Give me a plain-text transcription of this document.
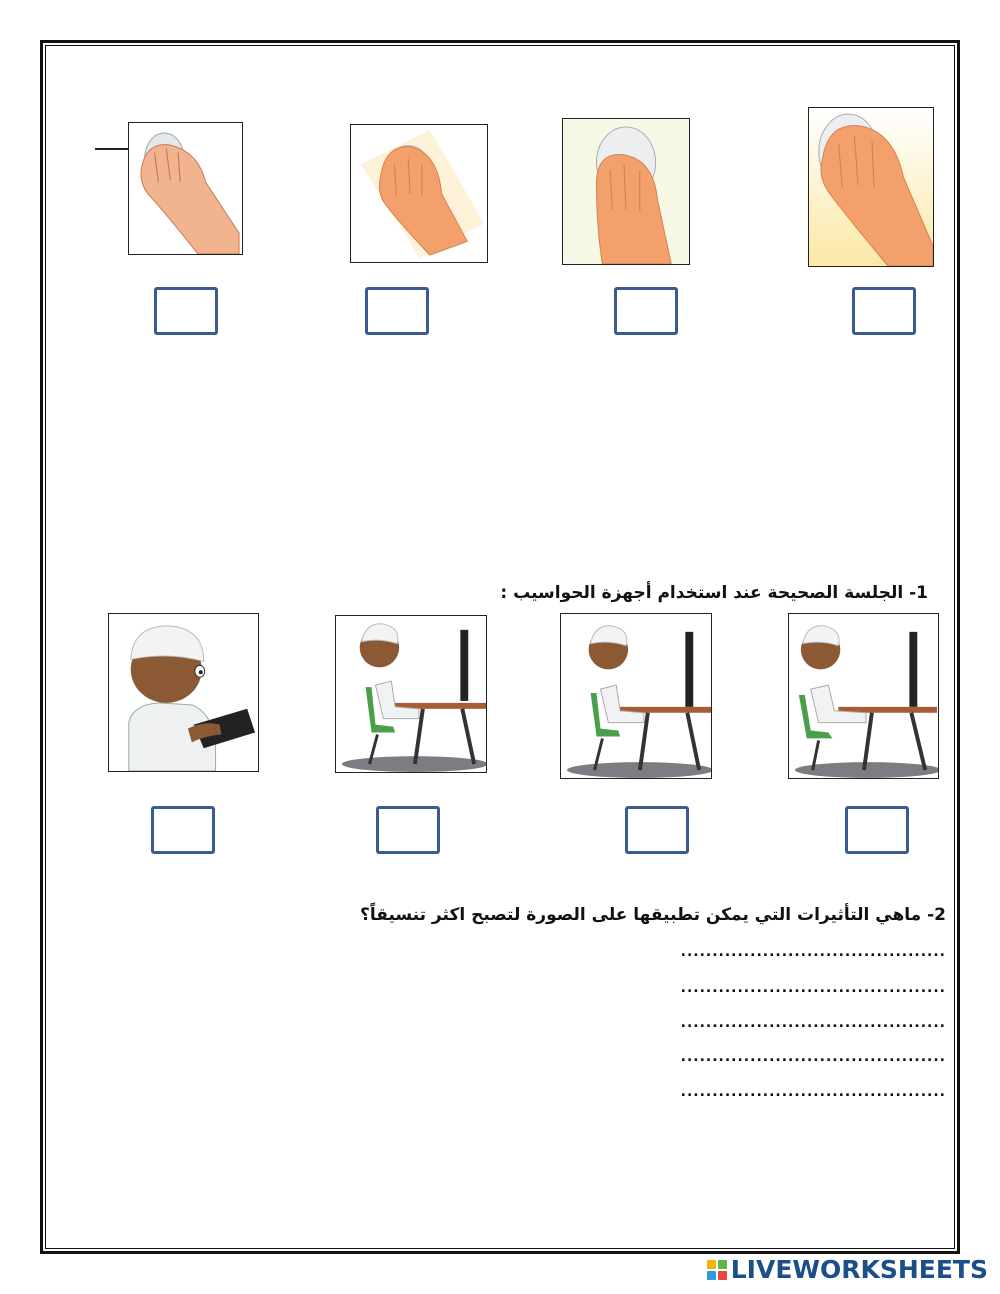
1- الجلسة الصحيحة عند استخدام أجهزة الحواسيب :
2- ماهي التأثيرات التي يمكن تطبيقها على الصورة لتصبح اكثر تنسيقاً؟
..........................................
..........................................
..........................................
..........................................
..........................................
LIVEWORKSHEETS
